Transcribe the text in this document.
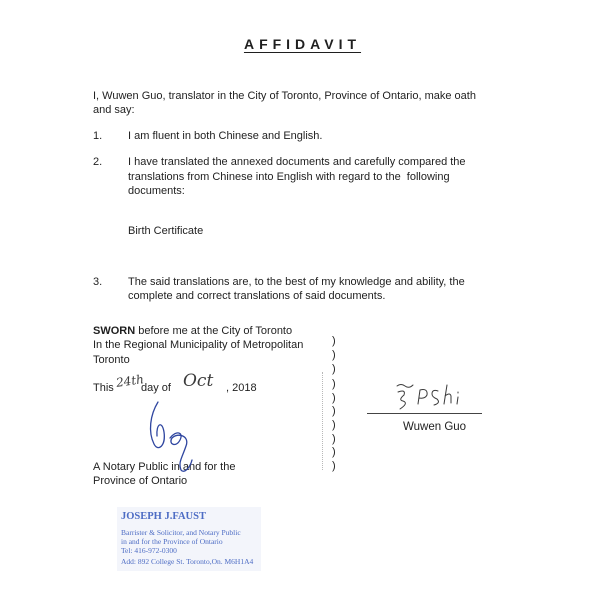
AFFIDAVIT
I, Wuwen Guo, translator in the City of Toronto, Province of Ontario, make oath
and say:
1. I am fluent in both Chinese and English.
2. I have translated the annexed documents and carefully compared the
translations from Chinese into English with regard to the  following
documents:
Birth Certificate
3. The said translations are, to the best of my knowledge and ability, the
complete and correct translations of said documents.
SWORN before me at the City of Toronto
In the Regional Municipality of Metropolitan
Toronto
This 24th
day of Oct , 2018
A Notary Public in and for the
Province of Ontario
)
)
)
)
)
)
)
)
)
)
Wuwen Guo
JOSEPH J.FAUST
Barrister & Solicitor, and Notary Public
in and for the Province of Ontario
Tel: 416-972-0300
Add: 892 College St. Toronto,On. M6H1A4
